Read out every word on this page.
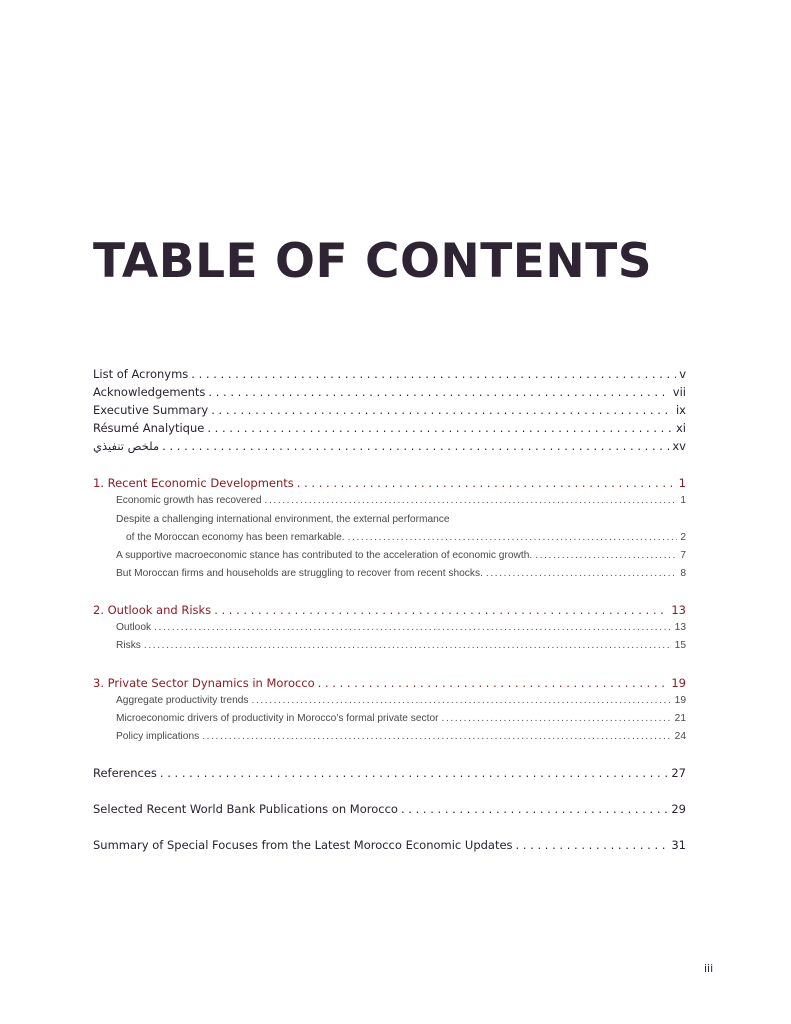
TABLE OF CONTENTS
List of Acronyms . . .	v
Acknowledgements . . .	vii
Executive Summary . . .	ix
Résumé Analytique . . .	xi
ملخص تنفيذي . . .	xv
1. Recent Economic Developments . . .	1
Economic growth has recovered .....	1
Despite a challenging international environment, the external performance
of the Moroccan economy has been remarkable. .....	2
A supportive macroeconomic stance has contributed to the acceleration of economic growth. .....	7
But Moroccan firms and households are struggling to recover from recent shocks. .....	8
2. Outlook and Risks . . .	13
Outlook .....	13
Risks .....	15
3. Private Sector Dynamics in Morocco . . .	19
Aggregate productivity trends .....	19
Microeconomic drivers of productivity in Morocco’s formal private sector .....	21
Policy implications .....	24
References . . .	27
Selected Recent World Bank Publications on Morocco . . .	29
Summary of Special Focuses from the Latest Morocco Economic Updates . . .	31
iii
